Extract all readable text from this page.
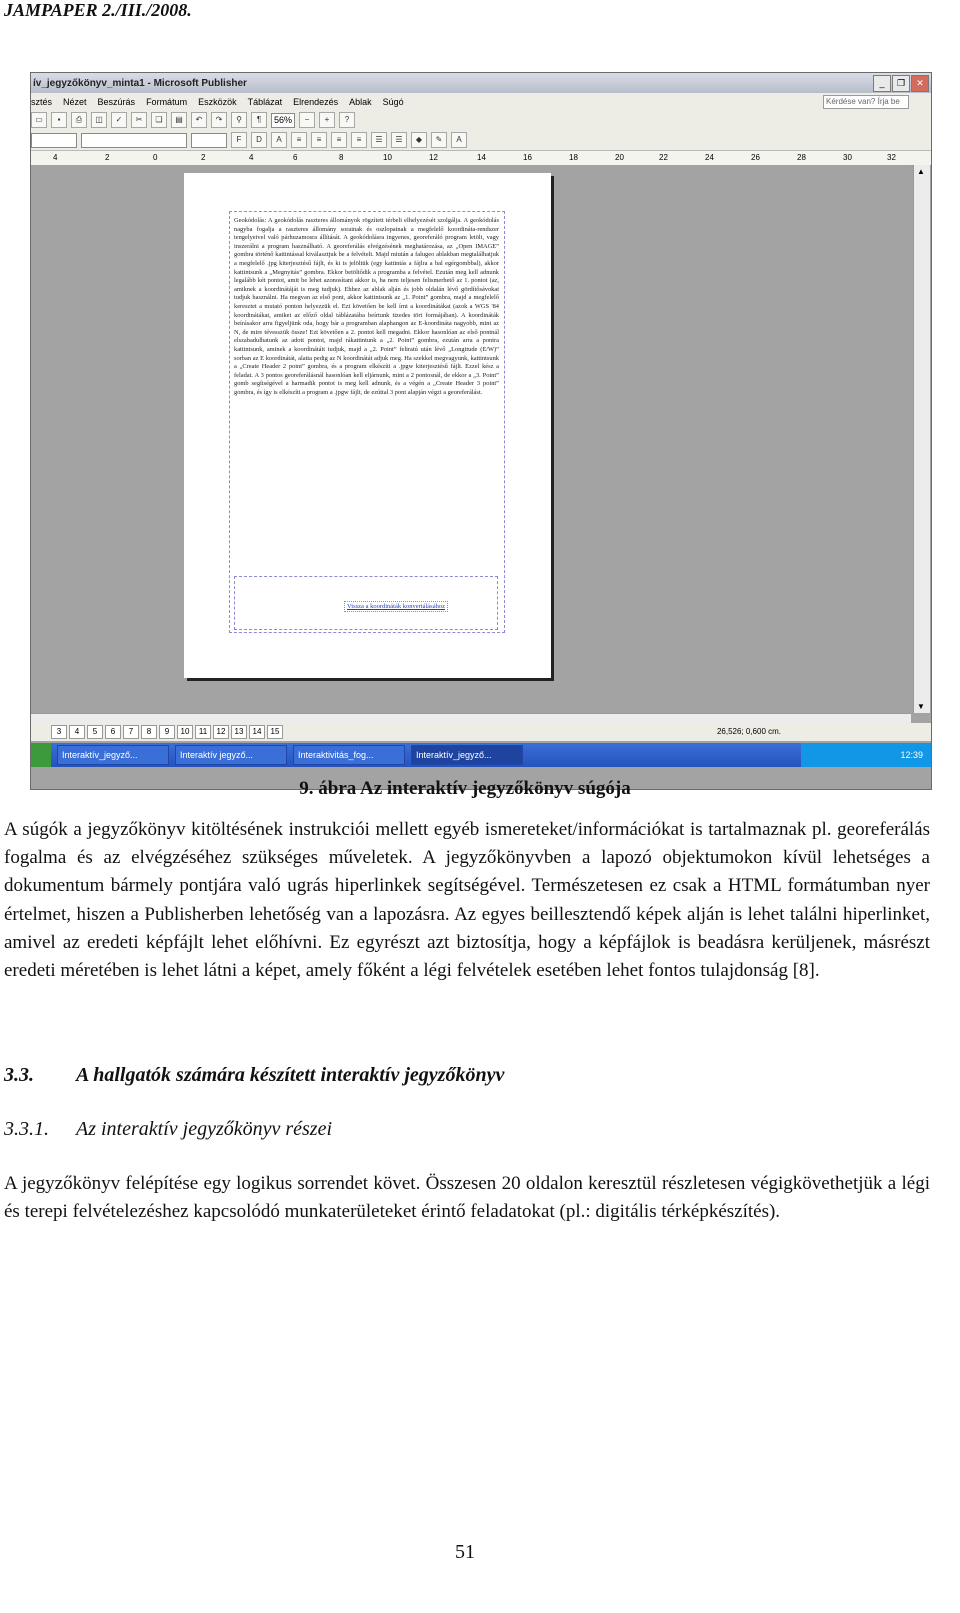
JAMPAPER 2./III./2008.
ív_jegyzőkönyv_minta1 - Microsoft Publisher	_	❐	✕
sztés Nézet Beszúrás Formátum Eszközök Táblázat Elrendezés Ablak Súgó	Kérdése van? Írja be
▭	▪	⎙	◫	✓	✂	❏	▤	↶	↷	⚲	¶	56%	−	+	?
F	D	A	≡	≡	≡	≡	☰	☰	◆	✎	A
4	2	0	2	4	6	8	10	12	14	16	18	20	22	24	26	28	30	32
▲
▼
Geokódolás: A geokódolás raszteres állományok rögzített térbeli elhelyezését szolgálja. A geokódolás nagyba fogalja a raszteres állomány sorainak és oszlopainak a megfelelő koordináta-rendszer tengelyeivel való párhuzamosra állítását. A geokódolásra ingyenes, georeferáló program letölt, vagy inszerálni a program használható. A georeferálás elvégzésének meghatározása, az „Open IMAGE” gombra történő kattintással kiválasztjuk be a felvételt. Majd miután a falugeo ablakban megtalálhatjuk a megfelelő .jpg kiterjesztésű fájlt, és ki is jelöltük (egy kattintás a fájlra a bal egérgombbal), akkor kattintsunk a „Megnyitás” gombra. Ekkor betöltődik a programba a felvétel. Ezután meg kell adnunk legalább két pontot, amit be lehet azonosítani akkor is, ha nem teljesen felismerhető az 1. pontot (az, amiknek a koordinátáját is meg tudjuk). Ehhez az ablak alján és jobb oldalán lévő gördítősávokat tudjuk használni. Ha megvan az első pont, akkor kattintsunk az „1. Point” gombra, majd a megfelelő keresztet a mutató ponton helyezzük el. Ezt követően be kell írni a koordinátákat (azok a WGS '84 koordinátákat, amiket az előző oldal táblázatába beírtunk tizedes tört formájában). A koordináták beírásakor arra figyeljünk oda, hogy bár a programban alaphangon az E-koordináta nagyobb, mint az N, de mire tévesszük össze! Ezt követően a 2. pontot kell megadni. Ekkor hasonlóan az első pontnál elszabadulhatunk az adott pontot, majd rákattintunk a „2. Point” gombra, ezután arra a pontra kattintsunk, aminek a koordinátáit tudjuk, majd a „2. Point” feliratú után lévő „Longitude (E/W)” sorban az E koordinátát, alatta pedig az N koordinátát adjuk meg. Ha szekkel megvagyunk, kattintsunk a „Create Header 2 point” gombra, és a program elkészíti a .jpgw kiterjesztésű fájlt. Ezzel kész a feladat. A 3 pontos georeferálásnál hasonlóan kell eljárnunk, mint a 2 pontosnál, de ekkor a „3. Point” gomb segítségével a harmadik pontot is meg kell adnunk, és a végén a „Create Header 3 point” gombra, és így is elkészíti a program a .jpgw fájlt, de ezúttal 3 pont alapján végzi a georeferálást.
Vissza a koordináták konvertálásához
3	4	5	6	7	8	9	10	11	12	13	14	15	26,526; 0,600 cm.
Interaktív_jegyző...	Interaktív jegyző...	Interaktivitás_fog...	Interaktív_jegyző...	12:39
9. ábra Az interaktív jegyzőkönyv súgója

A súgók a jegyzőkönyv kitöltésének instrukciói mellett egyéb ismereteket/információkat is tartalmaznak pl. georeferálás fogalma és az elvégzéséhez szükséges műveletek. A jegyzőkönyvben a lapozó objektumokon kívül lehetséges a dokumentum bármely pontjára való ugrás hiperlinkek segítségével. Természetesen ez csak a HTML formátumban nyer értelmet, hiszen a Publisherben lehetőség van a lapozásra. Az egyes beillesztendő képek alján is lehet találni hiperlinket, amivel az eredeti képfájlt lehet előhívni. Ez egyrészt azt biztosítja, hogy a képfájlok is beadásra kerüljenek, másrészt eredeti méretében is lehet látni a képet, amely főként a légi felvételek esetében lehet fontos tulajdonság [8].

3.3.	A hallgatók számára készített interaktív jegyzőkönyv
3.3.1.	Az interaktív jegyzőkönyv részei

A jegyzőkönyv felépítése egy logikus sorrendet követ. Összesen 20 oldalon keresztül részletesen végigkövethetjük a légi és terepi felvételezéshez kapcsolódó munkaterületeket érintő feladatokat (pl.: digitális térképkészítés).

51
